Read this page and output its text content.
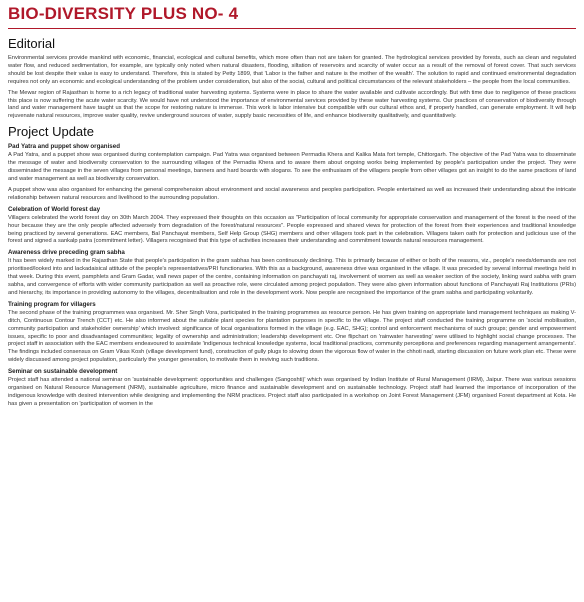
BIO-DIVERSITY PLUS NO- 4
Editorial

Environmental services provide mankind with economic, financial, ecological and cultural benefits, which more often than not are taken for granted. The hydrological services provided by forests, such as clean and regulated water flow, and reduced sedimentation, for example, are typically only noted when natural disasters, flooding, siltation of reservoirs and scarcity of water occur as a result of the removal of forest cover. That such services should be lost despite their value is easy to understand. Therefore, this is stated by Petty 1899, that 'Labor is the father and nature is the mother of the wealth'. The solution to rapid and continued environmental degradation requires not only an economic and ecological understanding of the problem under consideration, but also of the social, cultural and political circumstances of the relevant stakeholders – the people from the local communities.

The Mewar region of Rajasthan is home to a rich legacy of traditional water harvesting systems. Systems were in place to share the water available and cultivate accordingly. But with time due to negligence of these practices this place is now suffering the acute water scarcity. We would have not understood the importance of environmental services provided by these water harvesting systems. Our practices of conservation of biodiversity through land and water management have taught us that the scope for restoring nature is immense. This work is labor intensive but compatible with our cultural ethos and, if properly handled, can generate employment. It will help rejuvenate natural resources, improve water quality, revive underground sources of water, supply basic necessities of life, and enhance biodiversity qualitatively, and quantitatively.

Project Update
Pad Yatra and puppet show organised

A Pad Yatra, and a puppet show was organised during contemplation campaign. Pad Yatra was organised between Permadia Khera and Kalika Mata fort temple, Chittorgarh. The objective of the Pad Yatra was to disseminate the message of water and biodiversity conservation to the surrounding villages of the Pernadia Khera and to aware them about ongoing works being implemented by people's participation under the project. They were disseminated the message in the seven villages from personal meetings, banners and hard boards with slogans. To see the enthusiasm of the villagers people from other villages got an insight to do the same practices of land and water management as well as biodiversity conservation.

A puppet show was also organised for enhancing the general comprehension about environment and social awareness and peoples participation. People entertained as well as increased their understanding about the intricate relationship between natural resources and livelihood to the surrounding population.

Celebration of World forest day

Villagers celebrated the world forest day on 30th March 2004. They expressed their thoughts on this occasion as "Participation of local community for appropriate conservation and management of the forest is the need of the hour because they are the only people affected adversely from degradation of the forest/natural resources". People expressed and shared views for protection of the forest from their experiences and traditional knowledge being practiced by several generations. EAC members, Bal Panchayat members, Self Help Group (SHG) members and other villagers took part in the celebration. Villagers taken oath for protection and judicious use of the forest and signed a sankalp patra (commitment letter). Villagers recognised that this type of activities increases their understanding and commitment towards natural resources management.

Awareness drive preceding gram sabha

It has been widely marked in the Rajasthan State that people's participation in the gram sabhas has been continuously declining. This is primarily because of either or both of the reasons, viz., people's needs/demands are not prioritised/looked into and lackadaisical attitude of the people's representatives/PRI functionaries. With this as a background, awareness drive was organised in the village. It was preceded by several informal meetings held in that week. During this event, pamphlets and Gram Gadar, wall news paper of the centre, containing information on panchayati raj, involvement of women as well as weaker section of the society, linking ward sabha with gram sabha, and convergence of efforts with wider community participation as well as proactive role, were circulated among project population. They were also given information about functions of Panchayati Raj Institutions (PRIs) and hierarchy, its importance in providing autonomy to the villages, decentralisation and role in the development work. Now people are recognised the importance of the gram sabha and participating voluntarily.

Training program for villagers

The second phase of the training programmes was organised. Mr. Sher Singh Vora, participated in the training programmes as resource person. He has given training on appropriate land management techniques as making V-ditch, Continuous Contour Trench (CCT) etc. He also informed about the suitable plant species for plantation purposes in specific to the village. The project staff conducted the training programme on 'social mobilisation, community participation and stakeholder ownership' which involved: significance of local organisations formed in the village (e.g. EAC, SHG); control and enforcement mechanisms of such groups; gender and empowerment issues, specific to poor and disadvantaged communities; legality of ownership and administration; leadership development etc. One flipchart on 'rainwater harvesting' were utilised to highlight social change processes. The project staff in association with the EAC members endeavoured to assimilate 'indigenous technical knowledge systems, local traditional practices, community perceptions and preferences regarding management arrangements'. The findings included consensus on Gram Vikas Kosh (village development fund), construction of gully plugs to slowing down the vigorous flow of water in the chhoti nadi, starting discussion on future work plan etc. These were widely discussed among project population, particularly the younger generation, to motivate them in reviving such traditions.

Seminar on sustainable development

Project staff has attended a national seminar on 'sustainable development: opportunities and challenges (Sangoshti)' which was organised by Indian Institute of Rural Management (IIRM), Jaipur. There was various sessions organised on Natural Resource Management (NRM), sustainable agriculture, micro finance and sustainable development and on sustainable technology. Project staff had learned the importance of incorporation of the indigenous knowledge with desired intervention while designing and implementing the NRM practices. Project staff also participated in a workshop on Joint Forest Management (JFM) organised Forest department at Kota. He has given a presentation on 'participation of women in the
